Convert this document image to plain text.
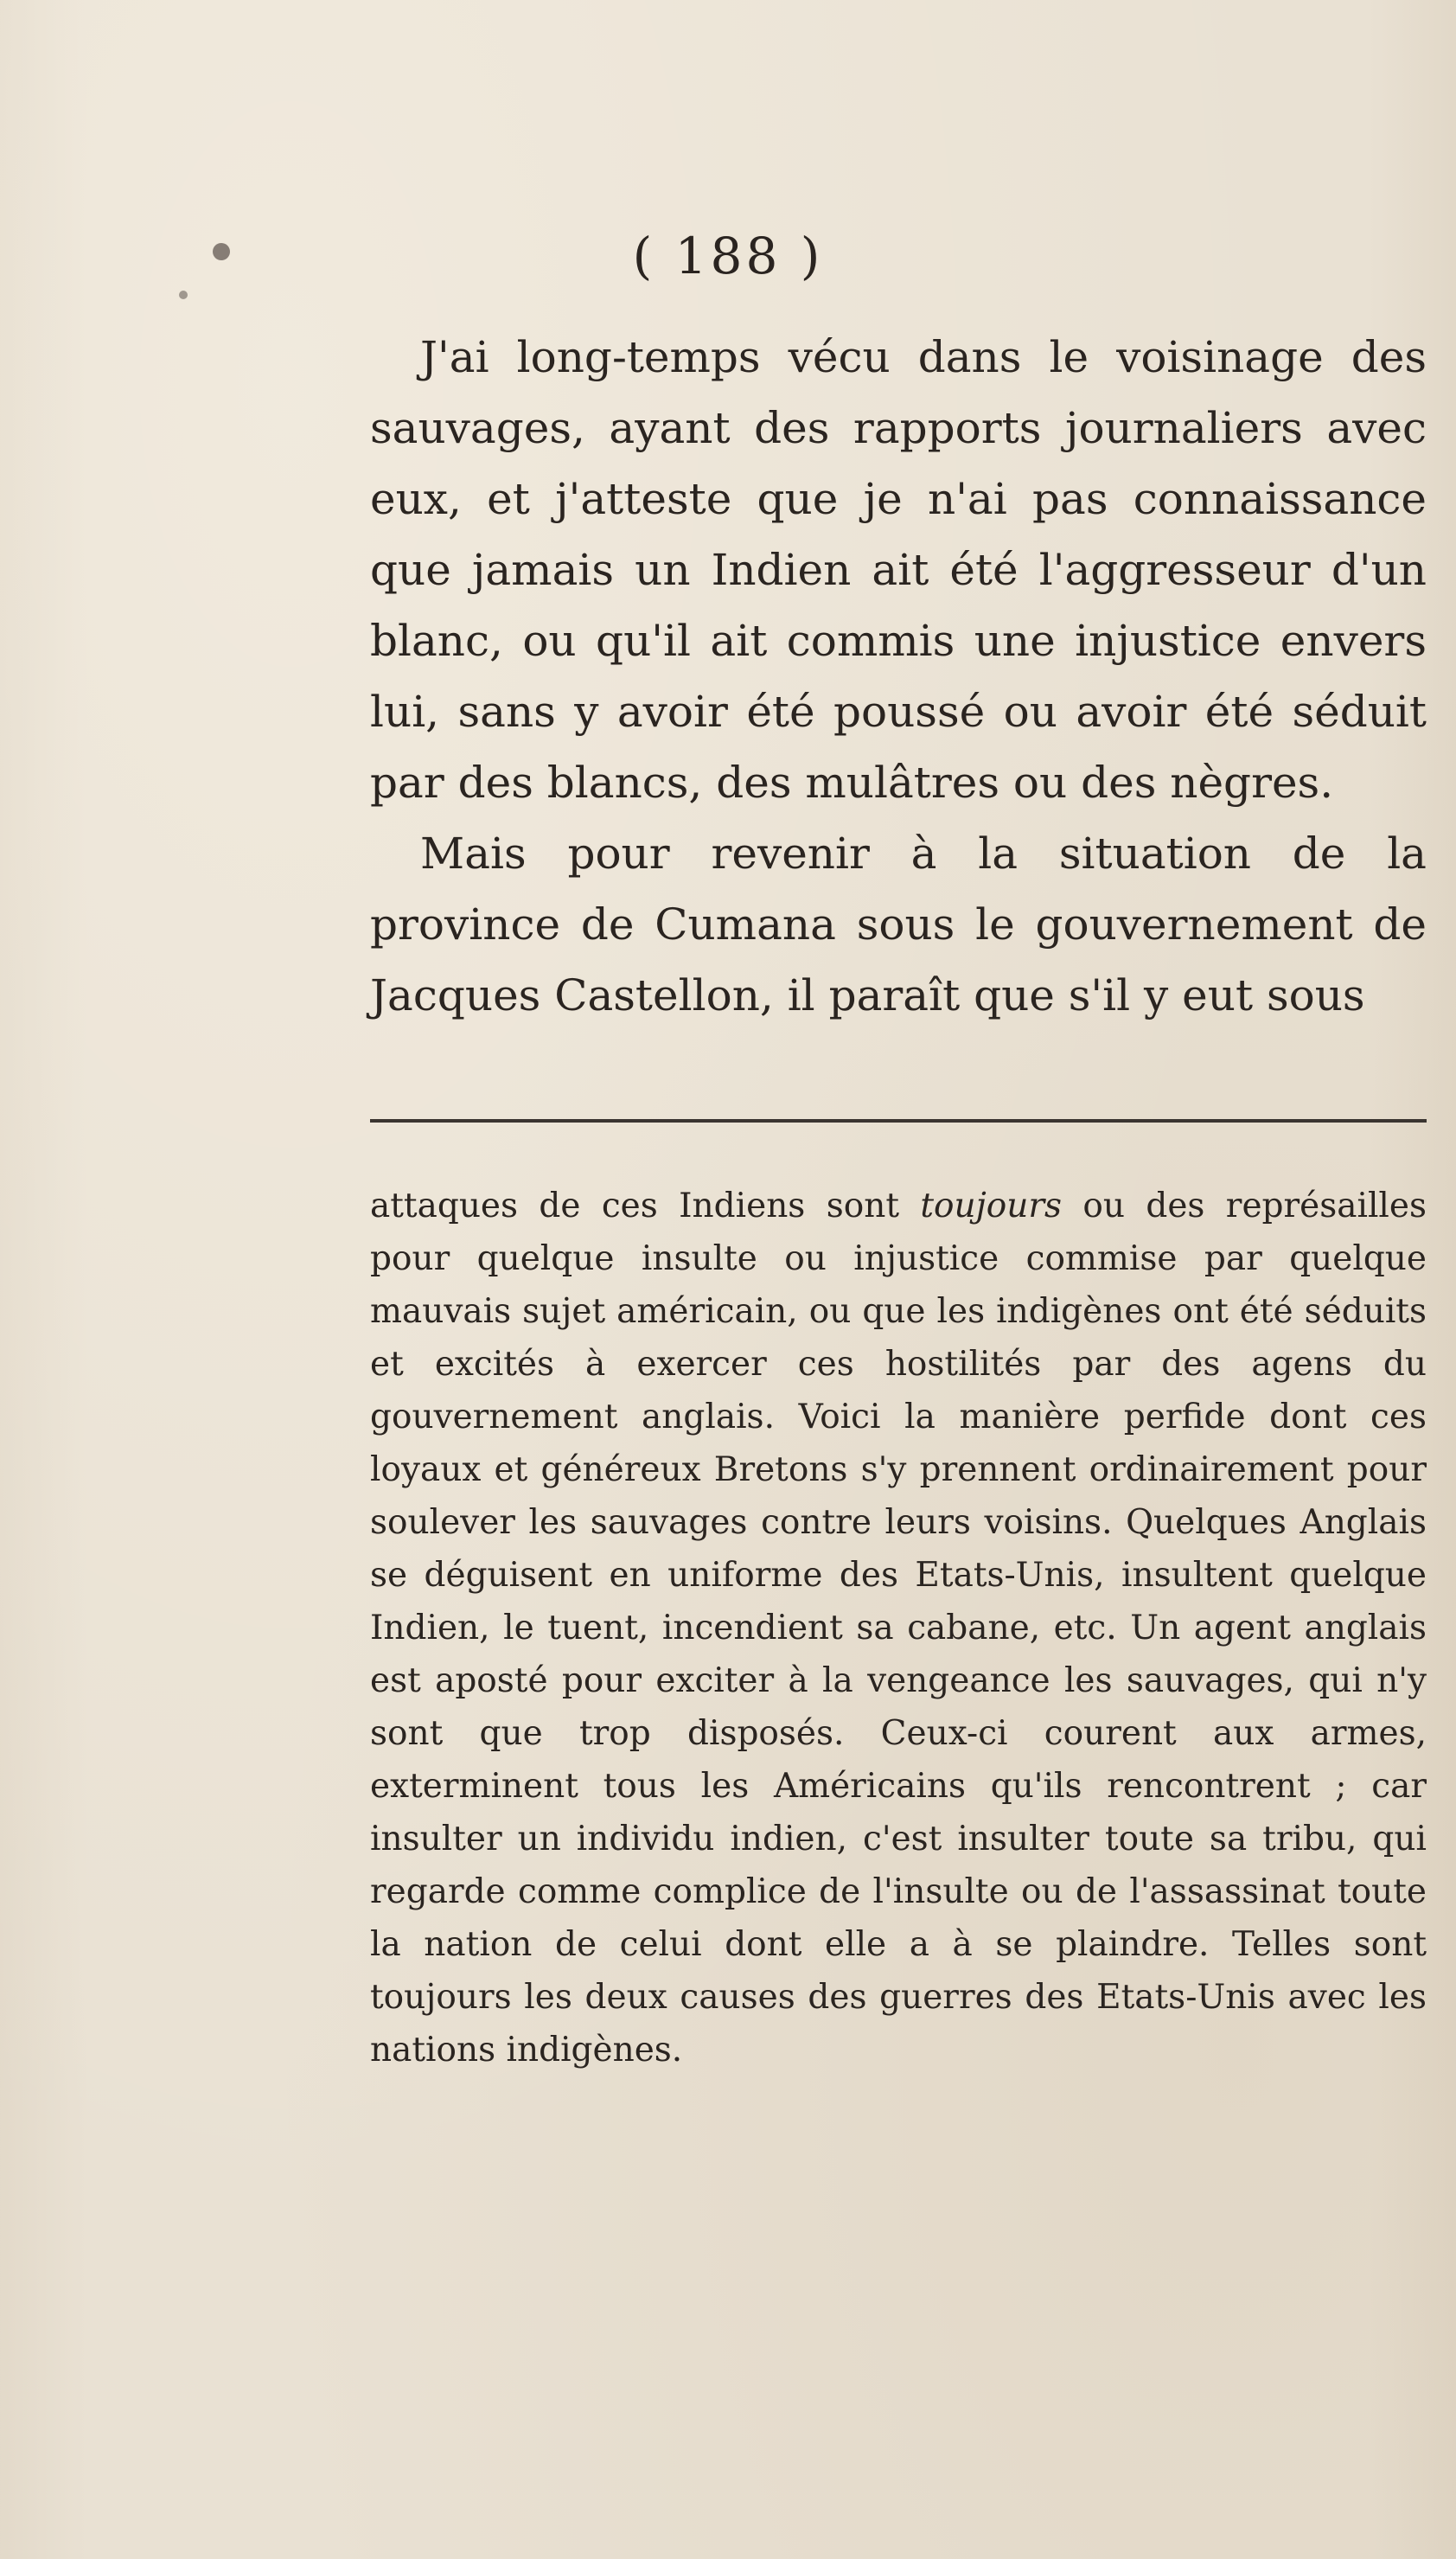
( 188 )

J'ai long-temps vécu dans le voisinage des sauvages, ayant des rapports journaliers avec eux, et j'atteste que je n'ai pas connaissance que jamais un Indien ait été l'aggresseur d'un blanc, ou qu'il ait commis une injustice envers lui, sans y avoir été poussé ou avoir été séduit par des blancs, des mulâtres ou des nègres.

Mais pour revenir à la situation de la province de Cumana sous le gouvernement de Jacques Castellon, il paraît que s'il y eut sous

attaques de ces Indiens sont toujours ou des représailles pour quelque insulte ou injustice commise par quelque mauvais sujet américain, ou que les indigènes ont été séduits et excités à exercer ces hostilités par des agens du gouvernement anglais. Voici la manière perfide dont ces loyaux et généreux Bretons s'y prennent ordinairement pour soulever les sauvages contre leurs voisins. Quelques Anglais se déguisent en uniforme des Etats-Unis, insultent quelque Indien, le tuent, incendient sa cabane, etc. Un agent anglais est aposté pour exciter à la vengeance les sauvages, qui n'y sont que trop disposés. Ceux-ci courent aux armes, exterminent tous les Américains qu'ils rencontrent ; car insulter un individu indien, c'est insulter toute sa tribu, qui regarde comme complice de l'insulte ou de l'assassinat toute la nation de celui dont elle a à se plaindre. Telles sont toujours les deux causes des guerres des Etats-Unis avec les nations indigènes.
